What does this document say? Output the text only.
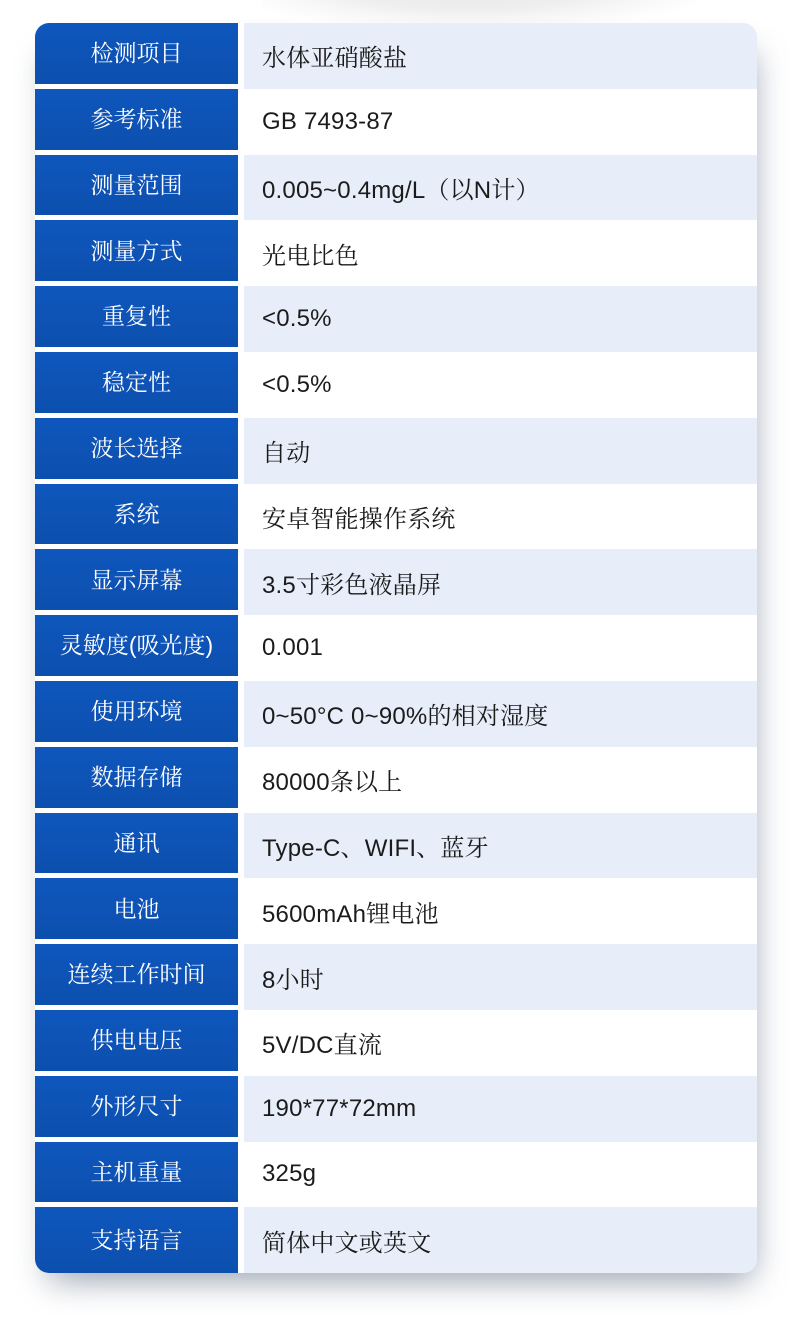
检测项目	水体亚硝酸盐
参考标准	GB 7493-87
测量范围	0.005~0.4mg/L（以N计）
测量方式	光电比色
重复性	<0.5%
稳定性	<0.5%
波长选择	自动
系统	安卓智能操作系统
显示屏幕	3.5寸彩色液晶屏
灵敏度(吸光度)	0.001
使用环境	0~50°C 0~90%的相对湿度
数据存储	80000条以上
通讯	Type-C、WIFI、蓝牙
电池	5600mAh锂电池
连续工作时间	8小时
供电电压	5V/DC直流
外形尺寸	190*77*72mm
主机重量	325g
支持语言	简体中文或英文
